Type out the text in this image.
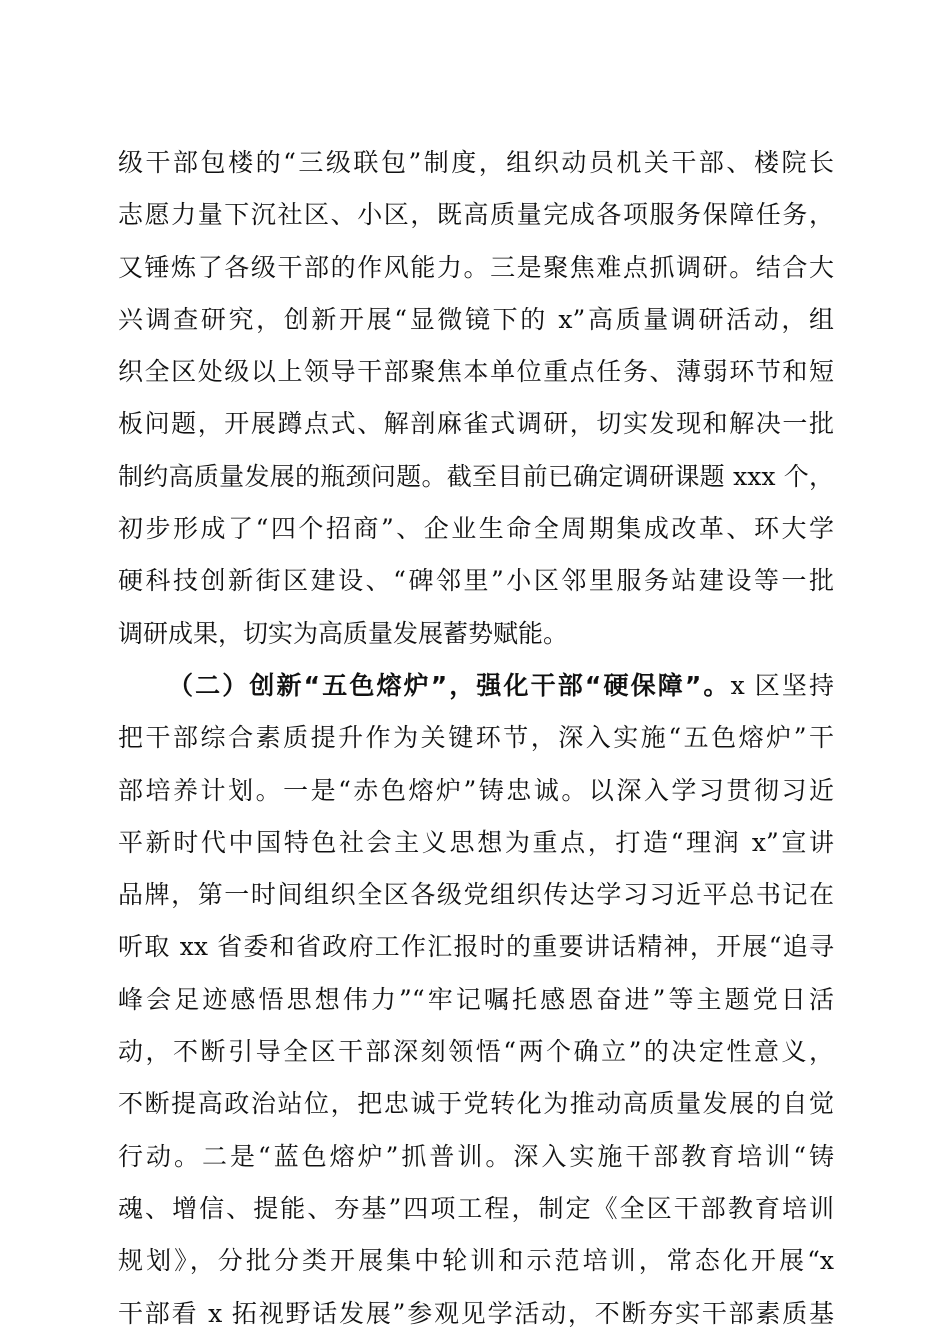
级干部包楼的“三级联包”制度，组织动员机关干部、楼院长
志愿力量下沉社区、小区，既高质量完成各项服务保障任务，
又锤炼了各级干部的作风能力。三是聚焦难点抓调研。结合大
兴调查研究，创新开展“显微镜下的 x”高质量调研活动，组
织全区处级以上领导干部聚焦本单位重点任务、薄弱环节和短
板问题，开展蹲点式、解剖麻雀式调研，切实发现和解决一批
制约高质量发展的瓶颈问题。截至目前已确定调研课题 xxx 个，
初步形成了“四个招商”、企业生命全周期集成改革、环大学
硬科技创新街区建设、“碑邻里”小区邻里服务站建设等一批
调研成果，切实为高质量发展蓄势赋能。
（二）创新“五色熔炉”，强化干部“硬保障”。x 区坚持
把干部综合素质提升作为关键环节，深入实施“五色熔炉”干
部培养计划。一是“赤色熔炉”铸忠诚。以深入学习贯彻习近
平新时代中国特色社会主义思想为重点，打造“理润 x”宣讲
品牌，第一时间组织全区各级党组织传达学习习近平总书记在
听取 xx 省委和省政府工作汇报时的重要讲话精神，开展“追寻
峰会足迹感悟思想伟力”“牢记嘱托感恩奋进”等主题党日活
动，不断引导全区干部深刻领悟“两个确立”的决定性意义，
不断提高政治站位，把忠诚于党转化为推动高质量发展的自觉
行动。二是“蓝色熔炉”抓普训。深入实施干部教育培训“铸
魂、增信、提能、夯基”四项工程，制定《全区干部教育培训
规划》，分批分类开展集中轮训和示范培训，常态化开展“x
干部看 x 拓视野话发展”参观见学活动，不断夯实干部素质基
